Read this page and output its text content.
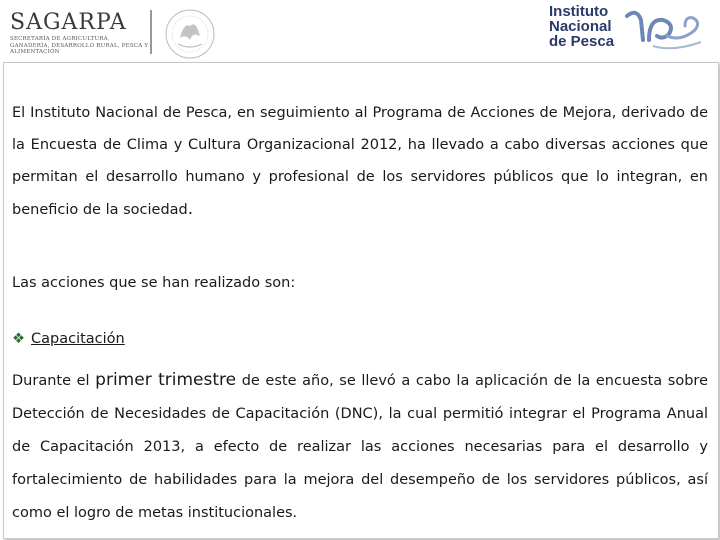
SAGARPA
SECRETARÍA DE AGRICULTURA, GANADERÍA, DESARROLLO RURAL, PESCA Y ALIMENTACIÓN
Instituto
Nacional
de Pesca

El Instituto Nacional de Pesca, en seguimiento al Programa de Acciones de Mejora, derivado de la Encuesta de Clima y Cultura Organizacional 2012, ha llevado a cabo diversas acciones que permitan el desarrollo humano y profesional de los servidores públicos que lo integran, en beneficio de la sociedad.

Las acciones que se han realizado son:

❖ Capacitación

Durante el primer trimestre de este año, se llevó a cabo la aplicación de la encuesta sobre Detección de Necesidades de Capacitación (DNC), la cual permitió integrar el Programa Anual de Capacitación 2013, a efecto de realizar las acciones necesarias para el desarrollo y fortalecimiento de habilidades para la mejora del desempeño de los servidores públicos, así como el logro de metas institucionales.
